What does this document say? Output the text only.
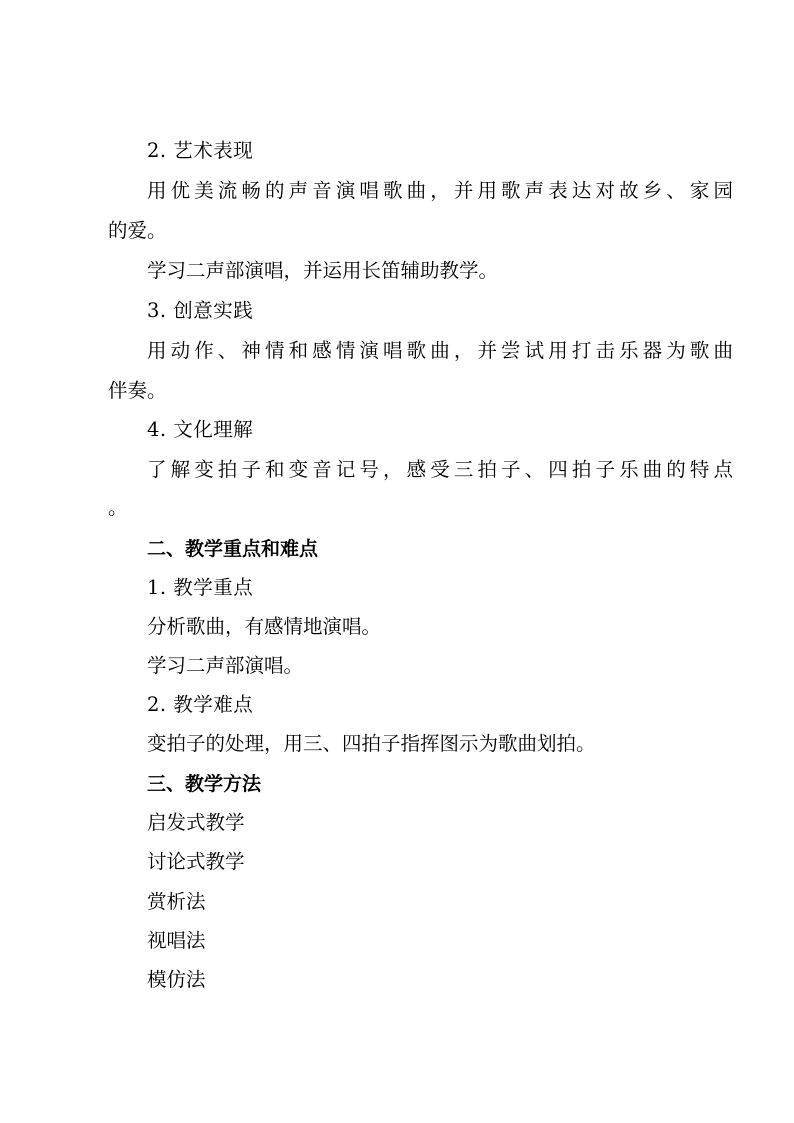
2. 艺术表现
用优美流畅的声音演唱歌曲，并用歌声表达对故乡、家园
的爱。
学习二声部演唱，并运用长笛辅助教学。
3. 创意实践
用动作、神情和感情演唱歌曲，并尝试用打击乐器为歌曲
伴奏。
4. 文化理解
了解变拍子和变音记号，感受三拍子、四拍子乐曲的特点
。
二、教学重点和难点
1. 教学重点
分析歌曲，有感情地演唱。
学习二声部演唱。
2. 教学难点
变拍子的处理，用三、四拍子指挥图示为歌曲划拍。
三、教学方法
启发式教学
讨论式教学
赏析法
视唱法
模仿法
